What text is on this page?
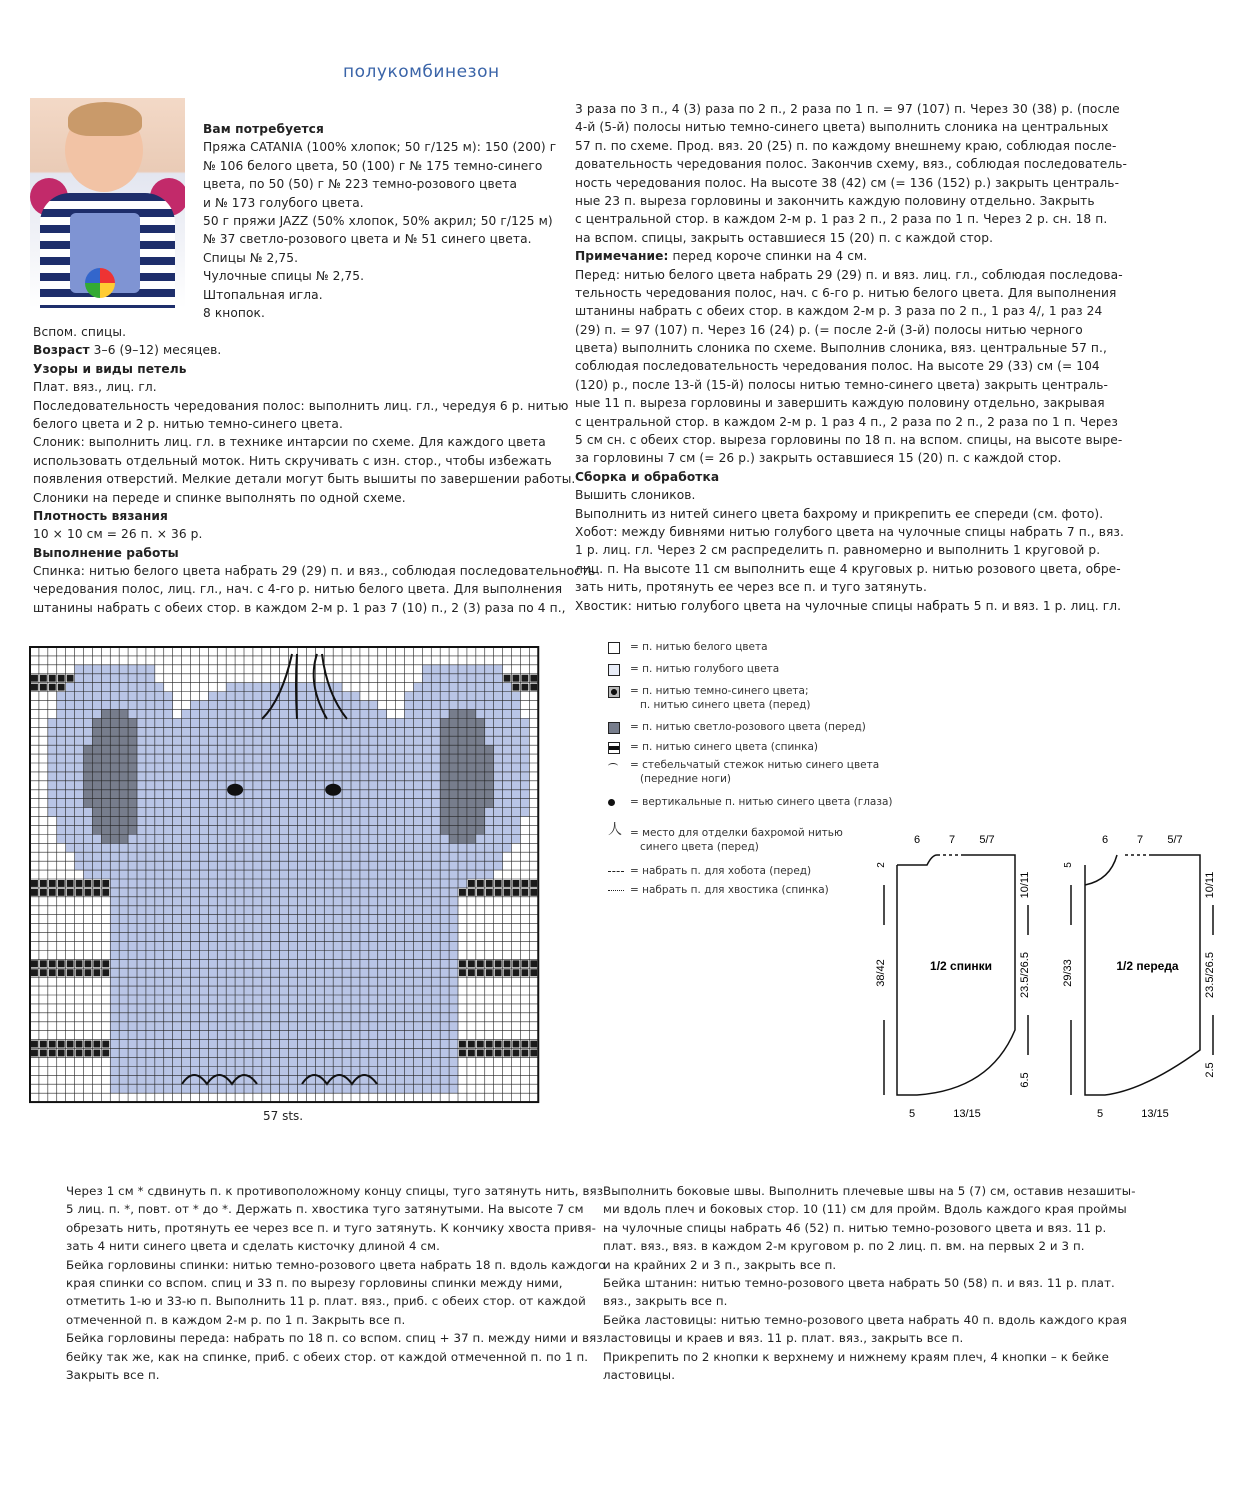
полукомбинезон
Вам потребуется
Пряжа CATANIA (100% хлопок; 50 г/125 м): 150 (200) г
№ 106 белого цвета, 50 (100) г № 175 темно-синего
цвета, по 50 (50) г № 223 темно-розового цвета
и № 173 голубого цвета.
50 г пряжи JAZZ (50% хлопок, 50% акрил; 50 г/125 м)
№ 37 светло-розового цвета и № 51 синего цвета.
Спицы № 2,75.
Чулочные спицы № 2,75.
Штопальная игла.
8 кнопок.
Вспом. спицы.
Возраст 3–6 (9–12) месяцев.
Узоры и виды петель
Плат. вяз., лиц. гл.
Последовательность чередования полос: выполнить лиц. гл., чередуя 6 р. нитью
белого цвета и 2 р. нитью темно-синего цвета.
Слоник: выполнить лиц. гл. в технике интарсии по схеме. Для каждого цвета
использовать отдельный моток. Нить скручивать с изн. стор., чтобы избежать
появления отверстий. Мелкие детали могут быть вышиты по завершении работы.
Слоники на переде и спинке выполнять по одной схеме.
Плотность вязания
10 × 10 см = 26 п. × 36 р.
Выполнение работы
Спинка: нитью белого цвета набрать 29 (29) п. и вяз., соблюдая последовательность
чередования полос, лиц. гл., нач. с 4-го р. нитью белого цвета. Для выполнения
штанины набрать с обеих стор. в каждом 2-м р. 1 раз 7 (10) п., 2 (3) раза по 4 п.,
3 раза по 3 п., 4 (3) раза по 2 п., 2 раза по 1 п. = 97 (107) п. Через 30 (38) р. (после
4-й (5-й) полосы нитью темно-синего цвета) выполнить слоника на центральных
57 п. по схеме. Прод. вяз. 20 (25) п. по каждому внешнему краю, соблюдая после-
довательность чередования полос. Закончив схему, вяз., соблюдая последователь-
ность чередования полос. На высоте 38 (42) см (= 136 (152) р.) закрыть централь-
ные 23 п. выреза горловины и закончить каждую половину отдельно. Закрыть
с центральной стор. в каждом 2-м р. 1 раз 2 п., 2 раза по 1 п. Через 2 р. сн. 18 п.
на вспом. спицы, закрыть оставшиеся 15 (20) п. с каждой стор.
Примечание: перед короче спинки на 4 см.
Перед: нитью белого цвета набрать 29 (29) п. и вяз. лиц. гл., соблюдая последова-
тельность чередования полос, нач. с 6-го р. нитью белого цвета. Для выполнения
штанины набрать с обеих стор. в каждом 2-м р. 3 раза по 2 п., 1 раз 4/, 1 раз 24
(29) п. = 97 (107) п. Через 16 (24) р. (= после 2-й (3-й) полосы нитью черного
цвета) выполнить слоника по схеме. Выполнив слоника, вяз. центральные 57 п.,
соблюдая последовательность чередования полос. На высоте 29 (33) см (= 104
(120) р., после 13-й (15-й) полосы нитью темно-синего цвета) закрыть централь-
ные 11 п. выреза горловины и завершить каждую половину отдельно, закрывая
с центральной стор. в каждом 2-м р. 1 раз 4 п., 2 раза по 2 п., 2 раза по 1 п. Через
5 см сн. с обеих стор. выреза горловины по 18 п. на вспом. спицы, на высоте выре-
за горловины 7 см (= 26 р.) закрыть оставшиеся 15 (20) п. с каждой стор.
Сборка и обработка
Вышить слоников.
Выполнить из нитей синего цвета бахрому и прикрепить ее спереди (см. фото).
Хобот: между бивнями нитью голубого цвета на чулочные спицы набрать 7 п., вяз.
1 р. лиц. гл. Через 2 см распределить п. равномерно и выполнить 1 круговой р.
лиц. п. На высоте 11 см выполнить еще 4 круговых р. нитью розового цвета, обре-
зать нить, протянуть ее через все п. и туго затянуть.
Хвостик: нитью голубого цвета на чулочные спицы набрать 5 п. и вяз. 1 р. лиц. гл.
57 sts.
= п. нитью белого цвета
= п. нитью голубого цвета
= п. нитью темно-синего цвета;
п. нитью синего цвета (перед)
= п. нитью светло-розового цвета (перед)
= п. нитью синего цвета (спинка)
= стебельчатый стежок нитью синего цвета
(передние ноги)
= вертикальные п. нитью синего цвета (глаза)
人 = место для отделки бахромой нитью
синего цвета (перед)
= набрать п. для хобота (перед)
= набрать п. для хвостика (спинка)
1/2 спинки
6	7 5/7
38/42
10/11
23.5/26.5
6.5
5	13/15
2
1/2 переда
6	7 5/7
29/33
10/11
23.5/26.5
2.5
5	13/15
5
Через 1 см * сдвинуть п. к противоположному концу спицы, туго затянуть нить, вяз.
5 лиц. п. *, повт. от * до *. Держать п. хвостика туго затянутыми. На высоте 7 см
обрезать нить, протянуть ее через все п. и туго затянуть. К кончику хвоста привя-
зать 4 нити синего цвета и сделать кисточку длиной 4 см.
Бейка горловины спинки: нитью темно-розового цвета набрать 18 п. вдоль каждого
края спинки со вспом. спиц и 33 п. по вырезу горловины спинки между ними,
отметить 1-ю и 33-ю п. Выполнить 11 р. плат. вяз., приб. с обеих стор. от каждой
отмеченной п. в каждом 2-м р. по 1 п. Закрыть все п.
Бейка горловины переда: набрать по 18 п. со вспом. спиц + 37 п. между ними и вяз.
бейку так же, как на спинке, приб. с обеих стор. от каждой отмеченной п. по 1 п.
Закрыть все п.
Выполнить боковые швы. Выполнить плечевые швы на 5 (7) см, оставив незашиты-
ми вдоль плеч и боковых стор. 10 (11) см для пройм. Вдоль каждого края проймы
на чулочные спицы набрать 46 (52) п. нитью темно-розового цвета и вяз. 11 р.
плат. вяз., вяз. в каждом 2-м круговом р. по 2 лиц. п. вм. на первых 2 и 3 п.
и на крайних 2 и 3 п., закрыть все п.
Бейка штанин: нитью темно-розового цвета набрать 50 (58) п. и вяз. 11 р. плат.
вяз., закрыть все п.
Бейка ластовицы: нитью темно-розового цвета набрать 40 п. вдоль каждого края
ластовицы и краев и вяз. 11 р. плат. вяз., закрыть все п.
Прикрепить по 2 кнопки к верхнему и нижнему краям плеч, 4 кнопки – к бейке
ластовицы.
